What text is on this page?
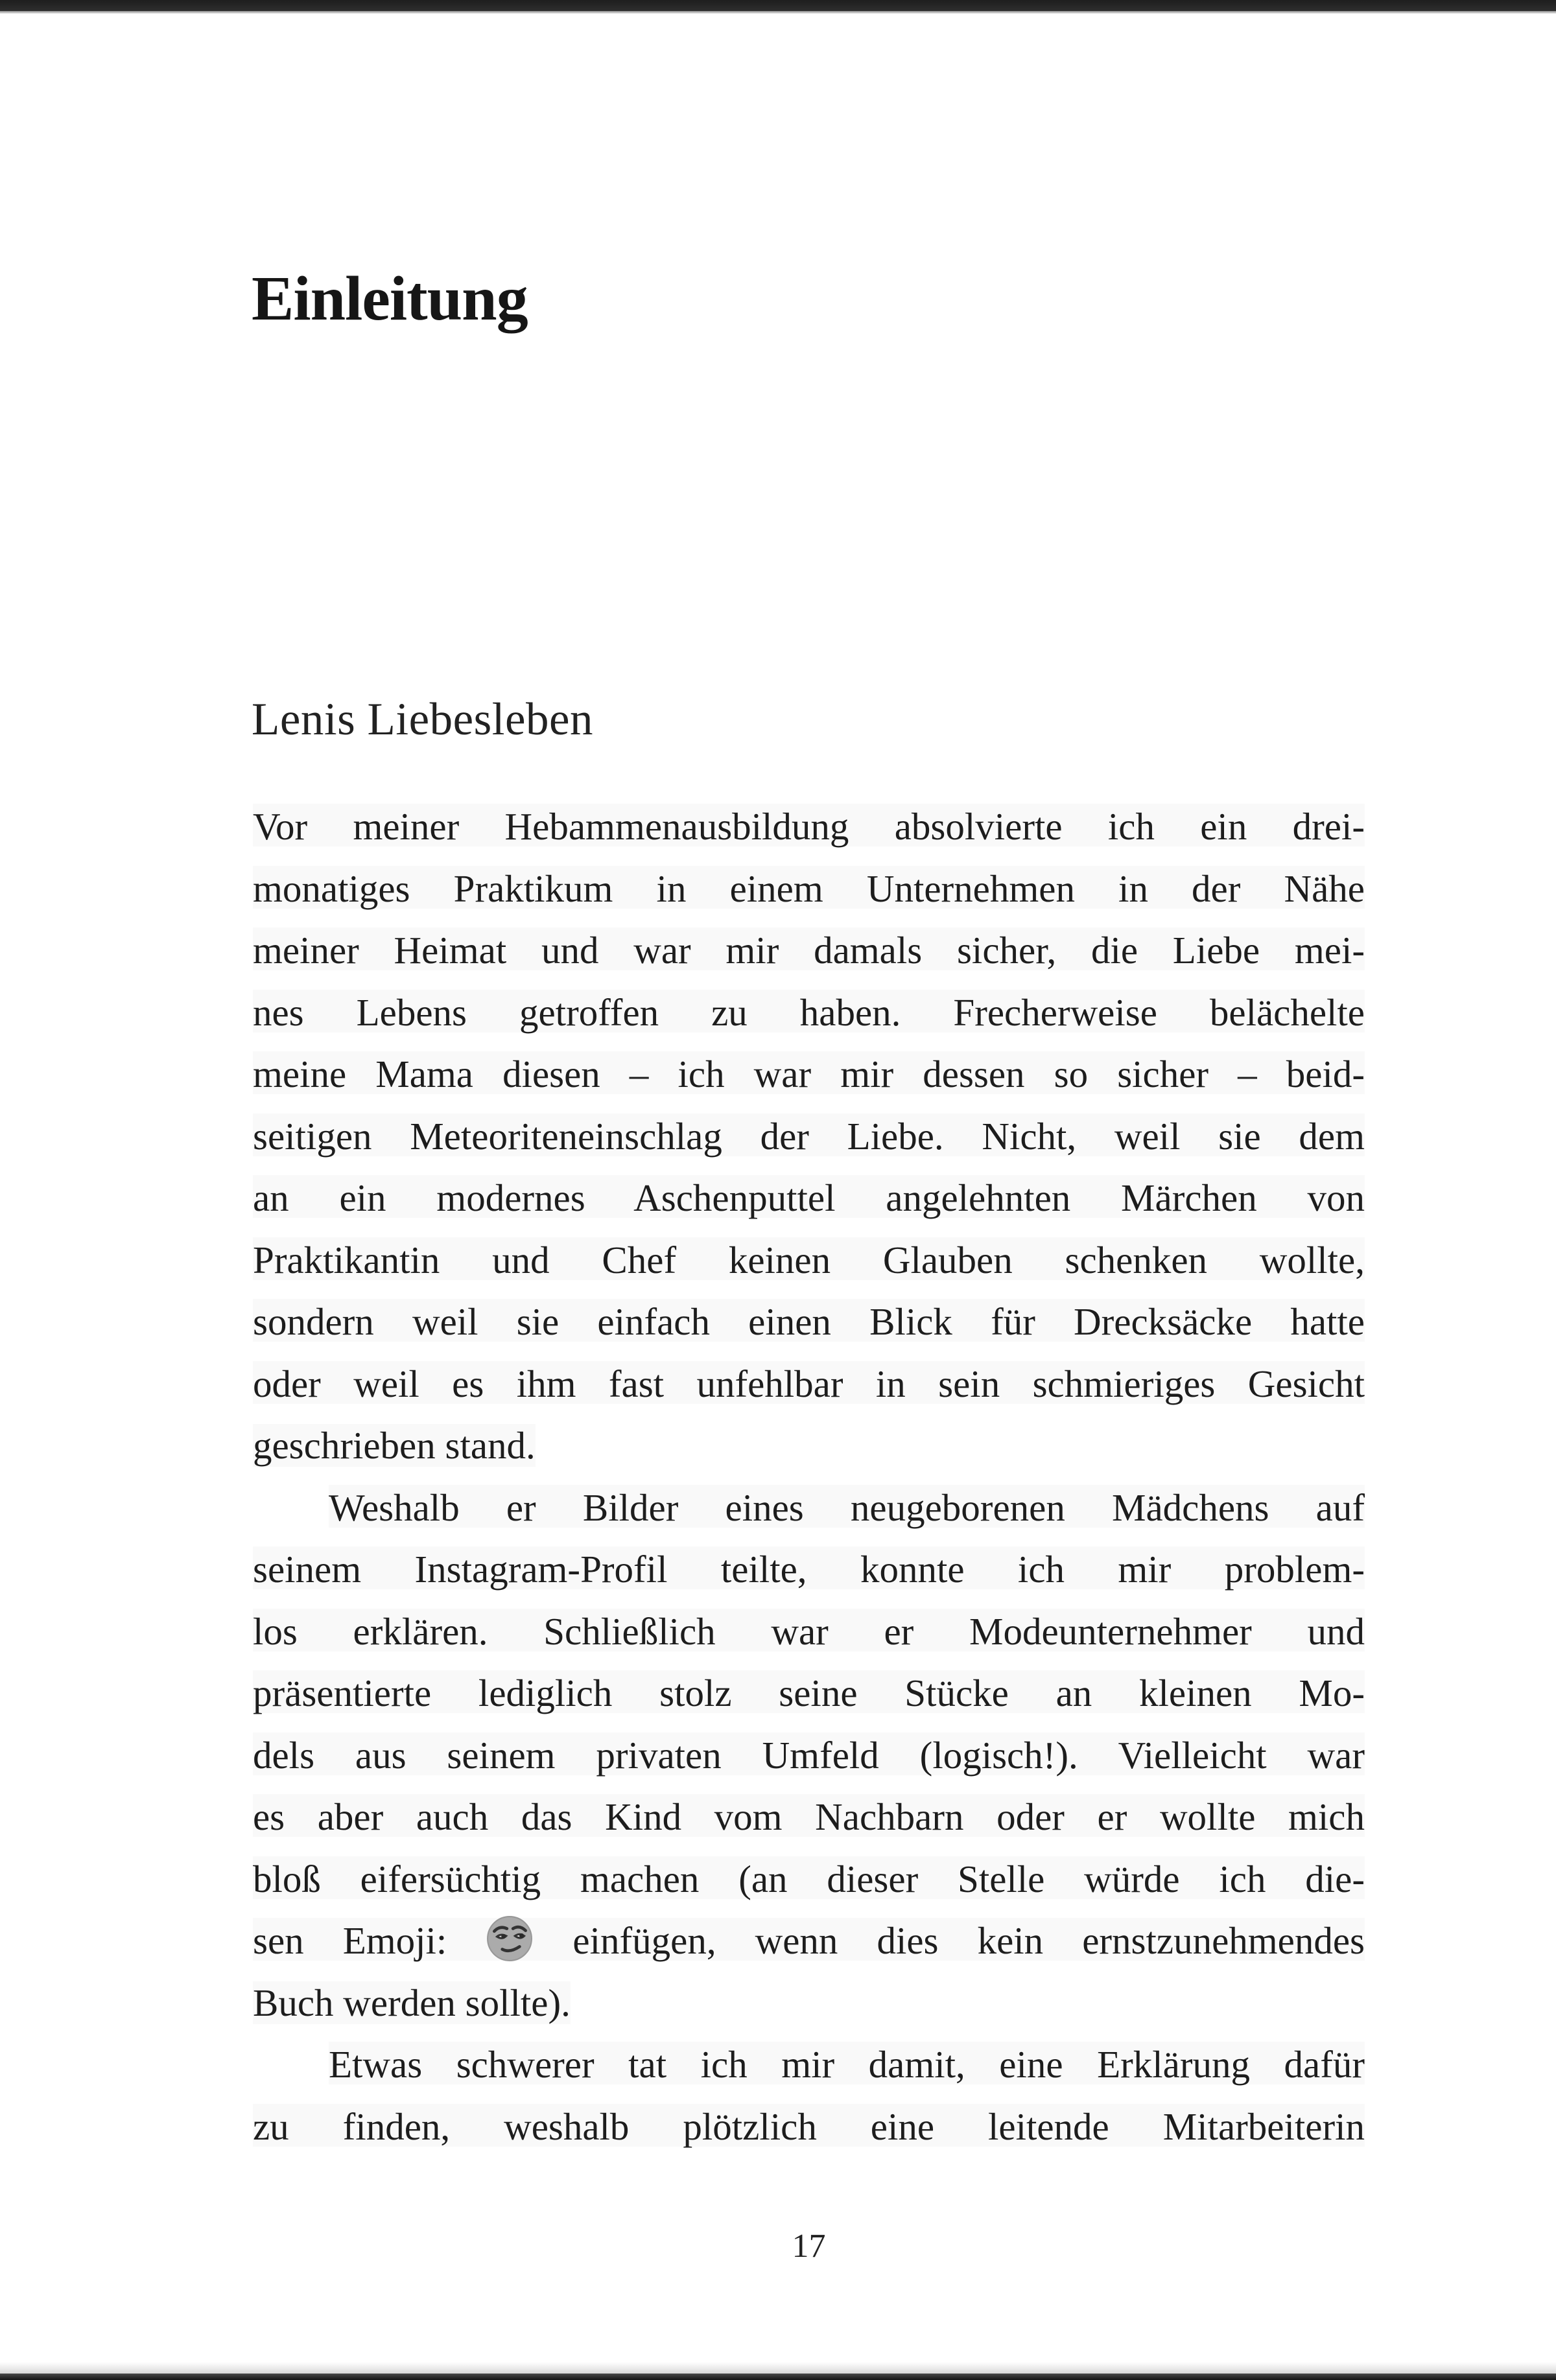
Einleitung
Lenis Liebesleben
Vor meiner Hebammenausbildung absolvierte ich ein drei-
monatiges Praktikum in einem Unternehmen in der Nähe
meiner Heimat und war mir damals sicher, die Liebe mei-
nes Lebens getroffen zu haben. Frecherweise belächelte
meine Mama diesen – ich war mir dessen so sicher – beid-
seitigen Meteoriteneinschlag der Liebe. Nicht, weil sie dem
an ein modernes Aschenputtel angelehnten Märchen von
Praktikantin und Chef keinen Glauben schenken wollte,
sondern weil sie einfach einen Blick für Drecksäcke hatte
oder weil es ihm fast unfehlbar in sein schmieriges Gesicht
geschrieben stand.
Weshalb er Bilder eines neugeborenen Mädchens auf
seinem Instagram-Profil teilte, konnte ich mir problem-
los erklären. Schließlich war er Modeunternehmer und
präsentierte lediglich stolz seine Stücke an kleinen Mo-
dels aus seinem privaten Umfeld (logisch!). Vielleicht war
es aber auch das Kind vom Nachbarn oder er wollte mich
bloß eifersüchtig machen (an dieser Stelle würde ich die-
sen Emoji:  einfügen, wenn dies kein ernstzunehmendes
Buch werden sollte).
Etwas schwerer tat ich mir damit, eine Erklärung dafür
zu finden, weshalb plötzlich eine leitende Mitarbeiterin
17
